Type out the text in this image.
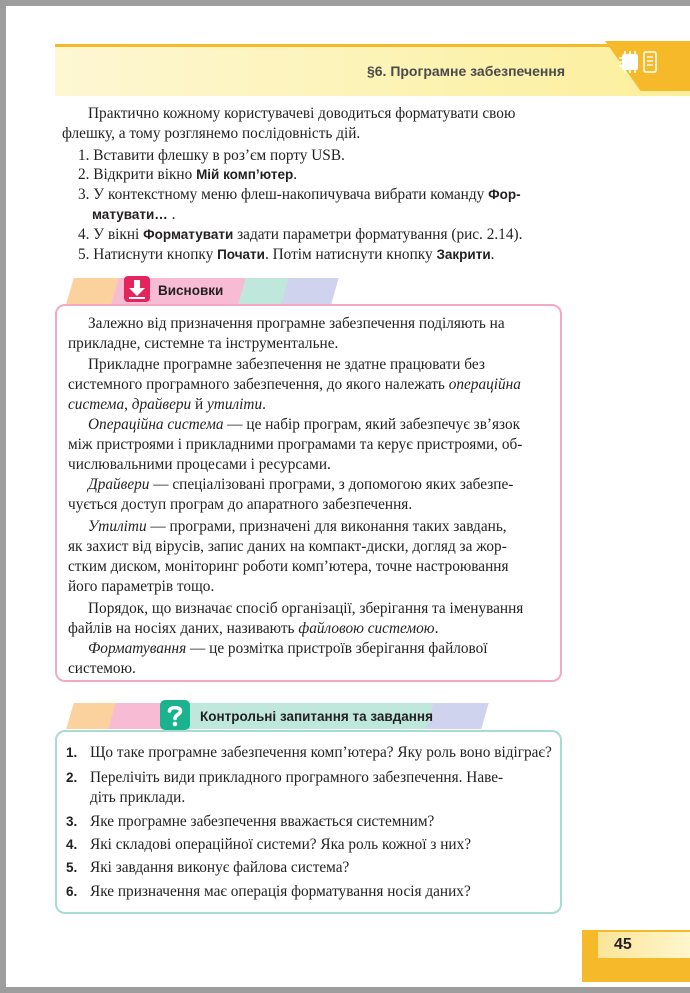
§6. Програмне забезпечення
Практично кожному користувачеві доводиться форматувати свою
флешку, а тому розглянемо послідовність дій.
1. Вставити флешку в роз’єм порту USB.
2. Відкрити вікно Мій комп’ютер.
3. У контекстному меню флеш-накопичувача вибрати команду Фор-
матувати… .
4. У вікні Форматувати задати параметри форматування (рис. 2.14).
5. Натиснути кнопку Почати. Потім натиснути кнопку Закрити.
Висновки
Залежно від призначення програмне забезпечення поділяють на
прикладне, системне та інструментальне.
Прикладне програмне забезпечення не здатне працювати без
системного програмного забезпечення, до якого належать операційна
система, драйвери й утиліти.
Операційна система — це набір програм, який забезпечує зв’язок
між пристроями і прикладними програмами та керує пристроями, об-
числювальними процесами і ресурсами.
Драйвери — спеціалізовані програми, з допомогою яких забезпе-
чується доступ програм до апаратного забезпечення.
Утиліти — програми, призначені для виконання таких завдань,
як захист від вірусів, запис даних на компакт-диски, догляд за жор-
стким диском, моніторинг роботи комп’ютера, точне настроювання
його параметрів тощо.
Порядок, що визначає спосіб організації, зберігання та іменування
файлів на носіях даних, називають файловою системою.
Форматування — це розмітка пристроїв зберігання файлової
системою.
Контрольні запитання та завдання
1. Що таке програмне забезпечення комп’ютера? Яку роль воно відіграє?
2. Перелічіть види прикладного програмного забезпечення. Наве-
діть приклади.
3. Яке програмне забезпечення вважається системним?
4. Які складові операційної системи? Яка роль кожної з них?
5. Які завдання виконує файлова система?
6. Яке призначення має операція форматування носія даних?
45
